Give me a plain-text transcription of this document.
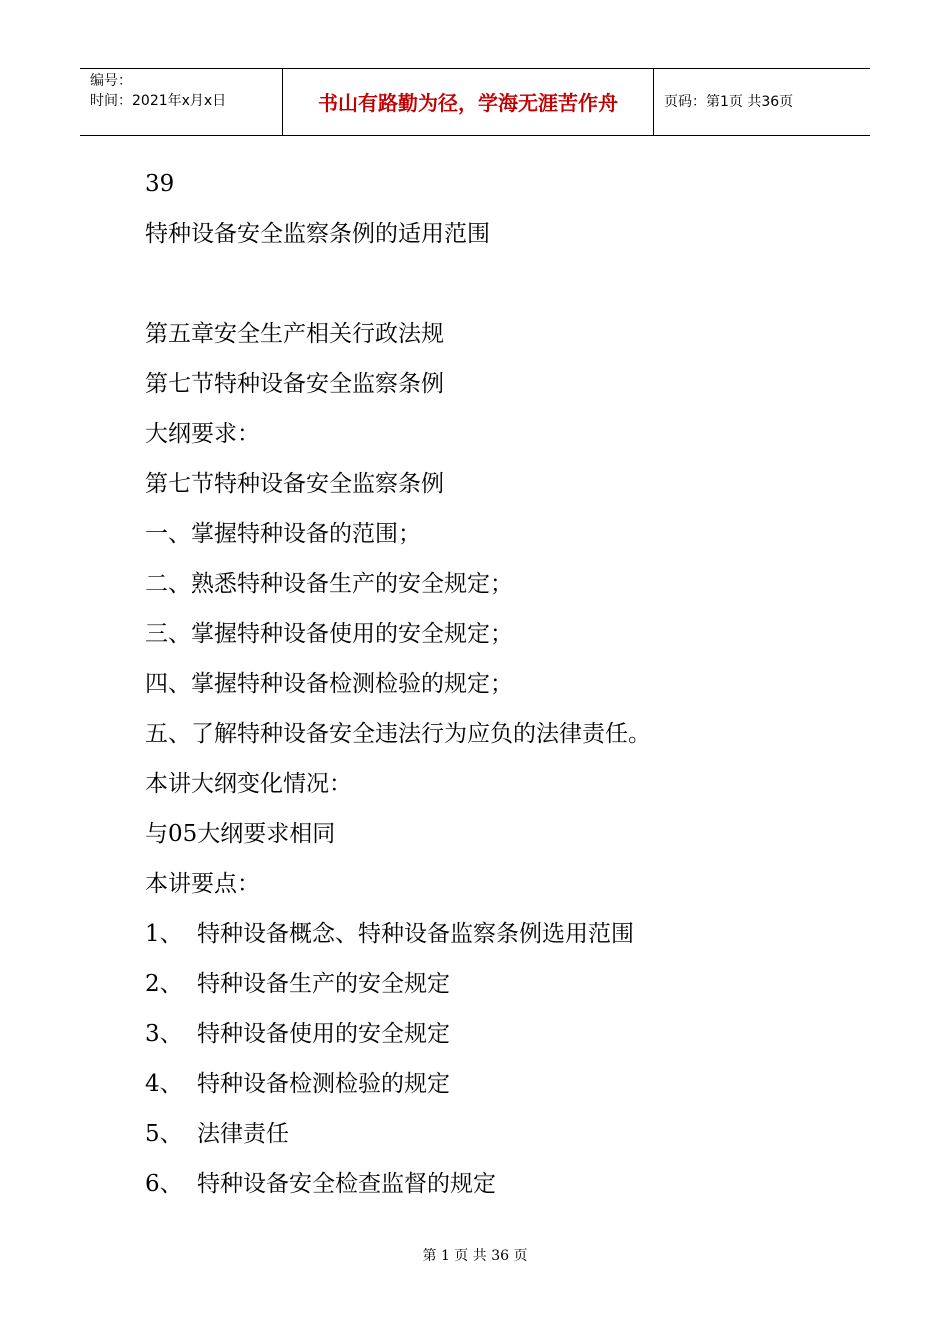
编号：
时间：2021年x月x日	书山有路勤为径，学海无涯苦作舟	页码：第1页 共36页
39
特种设备安全监察条例的适用范围
第五章安全生产相关行政法规
第七节特种设备安全监察条例
大纲要求：
第七节特种设备安全监察条例
一、掌握特种设备的范围；
二、熟悉特种设备生产的安全规定；
三、掌握特种设备使用的安全规定；
四、掌握特种设备检测检验的规定；
五、了解特种设备安全违法行为应负的法律责任。
本讲大纲变化情况：
与05大纲要求相同
本讲要点：
1、 特种设备概念、特种设备监察条例选用范围
2、 特种设备生产的安全规定
3、 特种设备使用的安全规定
4、 特种设备检测检验的规定
5、 法律责任
6、 特种设备安全检查监督的规定
第 1 页 共 36 页
